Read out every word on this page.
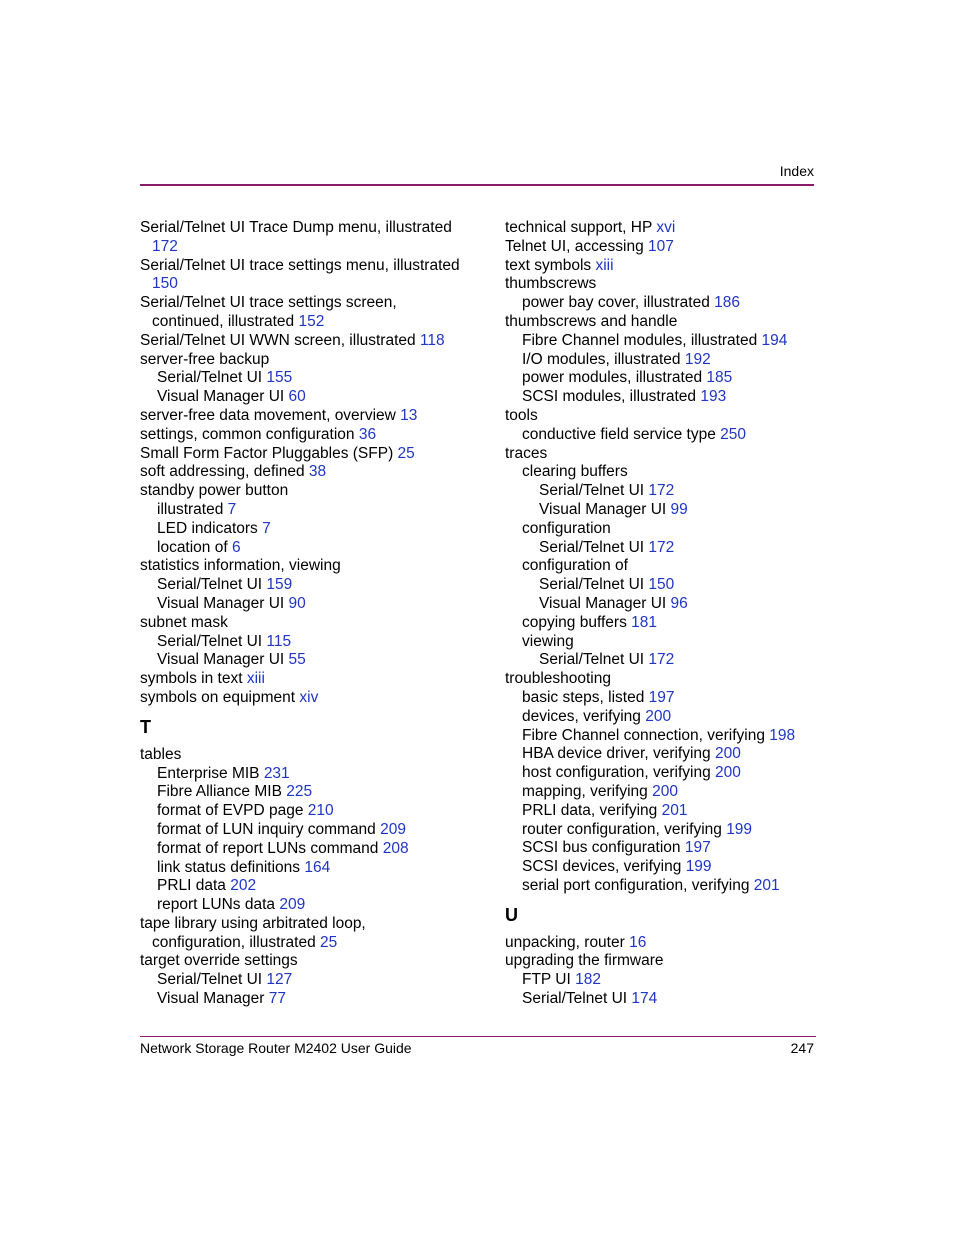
Index
Serial/Telnet UI Trace Dump menu, illustrated
172
Serial/Telnet UI trace settings menu, illustrated
150
Serial/Telnet UI trace settings screen,
continued, illustrated 152
Serial/Telnet UI WWN screen, illustrated 118
server-free backup
Serial/Telnet UI 155
Visual Manager UI 60
server-free data movement, overview 13
settings, common configuration 36
Small Form Factor Pluggables (SFP) 25
soft addressing, defined 38
standby power button
illustrated 7
LED indicators 7
location of 6
statistics information, viewing
Serial/Telnet UI 159
Visual Manager UI 90
subnet mask
Serial/Telnet UI 115
Visual Manager UI 55
symbols in text xiii
symbols on equipment xiv
T
tables
Enterprise MIB 231
Fibre Alliance MIB 225
format of EVPD page 210
format of LUN inquiry command 209
format of report LUNs command 208
link status definitions 164
PRLI data 202
report LUNs data 209
tape library using arbitrated loop,
configuration, illustrated 25
target override settings
Serial/Telnet UI 127
Visual Manager 77
technical support, HP xvi
Telnet UI, accessing 107
text symbols xiii
thumbscrews
power bay cover, illustrated 186
thumbscrews and handle
Fibre Channel modules, illustrated 194
I/O modules, illustrated 192
power modules, illustrated 185
SCSI modules, illustrated 193
tools
conductive field service type 250
traces
clearing buffers
Serial/Telnet UI 172
Visual Manager UI 99
configuration
Serial/Telnet UI 172
configuration of
Serial/Telnet UI 150
Visual Manager UI 96
copying buffers 181
viewing
Serial/Telnet UI 172
troubleshooting
basic steps, listed 197
devices, verifying 200
Fibre Channel connection, verifying 198
HBA device driver, verifying 200
host configuration, verifying 200
mapping, verifying 200
PRLI data, verifying 201
router configuration, verifying 199
SCSI bus configuration 197
SCSI devices, verifying 199
serial port configuration, verifying 201
U
unpacking, router 16
upgrading the firmware
FTP UI 182
Serial/Telnet UI 174
Network Storage Router M2402 User Guide	247
